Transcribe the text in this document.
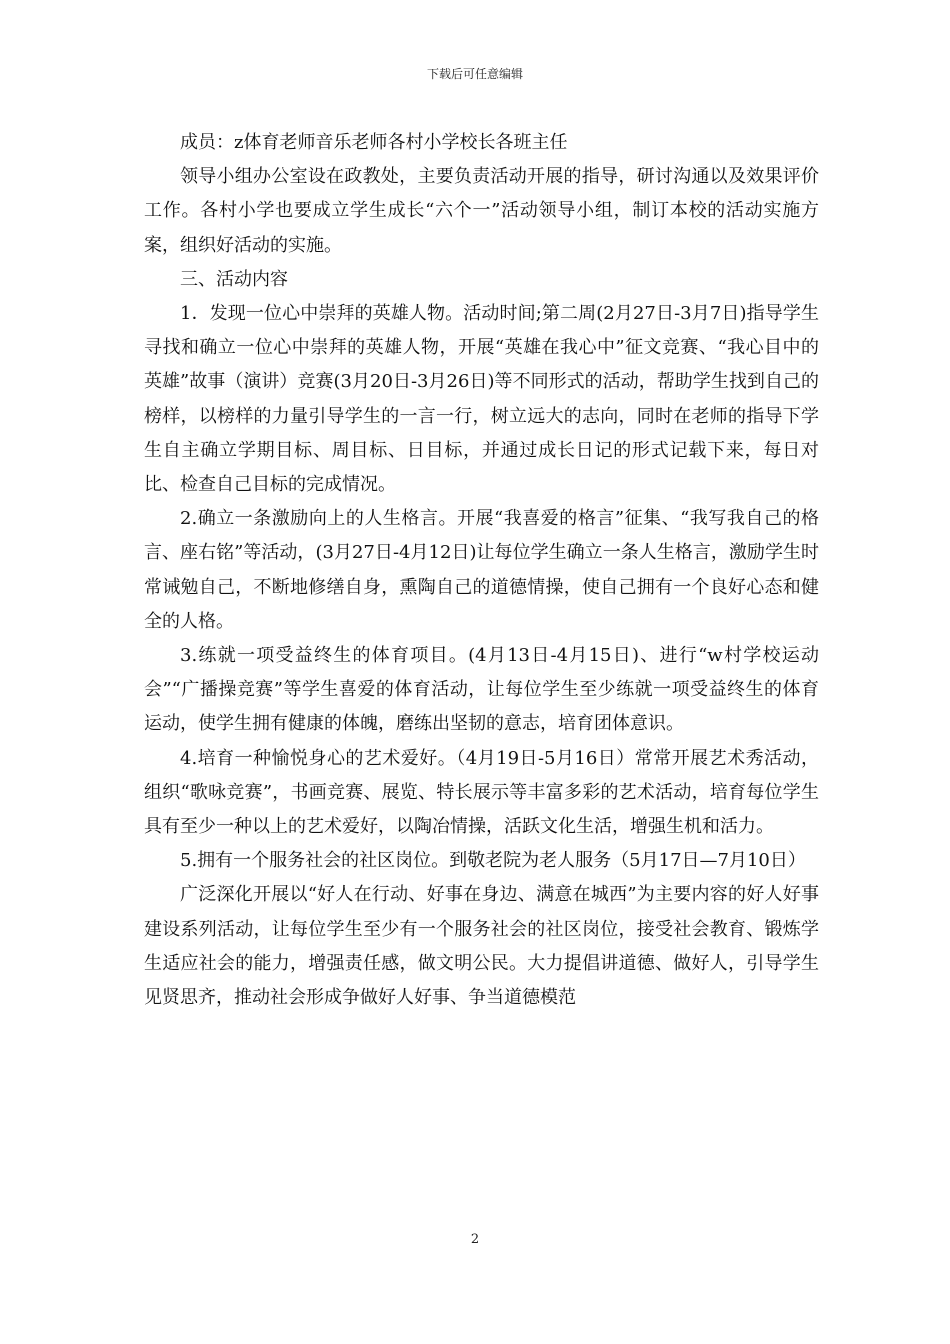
下载后可任意编辑

成员：z体育老师音乐老师各村小学校长各班主任

领导小组办公室设在政教处，主要负责活动开展的指导，研讨沟通以及效果评价工作。各村小学也要成立学生成长“六个一”活动领导小组，制订本校的活动实施方案，组织好活动的实施。

三、活动内容

1．发现一位心中崇拜的英雄人物。活动时间;第二周(2月27日-3月7日)指导学生寻找和确立一位心中崇拜的英雄人物，开展“英雄在我心中”征文竞赛、“我心目中的英雄”故事（演讲）竞赛(3月20日-3月26日)等不同形式的活动，帮助学生找到自己的榜样，以榜样的力量引导学生的一言一行，树立远大的志向，同时在老师的指导下学生自主确立学期目标、周目标、日目标，并通过成长日记的形式记载下来，每日对比、检查自己目标的完成情况。

2.确立一条激励向上的人生格言。开展“我喜爱的格言”征集、“我写我自己的格言、座右铭”等活动，(3月27日-4月12日)让每位学生确立一条人生格言，激励学生时常诫勉自己，不断地修缮自身，熏陶自己的道德情操，使自己拥有一个良好心态和健全的人格。

3.练就一项受益终生的体育项目。(4月13日-4月15日)、进行“w村学校运动会”“广播操竞赛”等学生喜爱的体育活动，让每位学生至少练就一项受益终生的体育运动，使学生拥有健康的体魄，磨练出坚韧的意志，培育团体意识。

4.培育一种愉悦身心的艺术爱好。（4月19日-5月16日）常常开展艺术秀活动，组织“歌咏竞赛”，书画竞赛、展览、特长展示等丰富多彩的艺术活动，培育每位学生具有至少一种以上的艺术爱好，以陶冶情操，活跃文化生活，增强生机和活力。

5.拥有一个服务社会的社区岗位。到敬老院为老人服务（5月17日—7月10日）

广泛深化开展以“好人在行动、好事在身边、满意在城西”为主要内容的好人好事建设系列活动，让每位学生至少有一个服务社会的社区岗位，接受社会教育、锻炼学生适应社会的能力，增强责任感，做文明公民。大力提倡讲道德、做好人，引导学生见贤思齐，推动社会形成争做好人好事、争当道德模范

2
